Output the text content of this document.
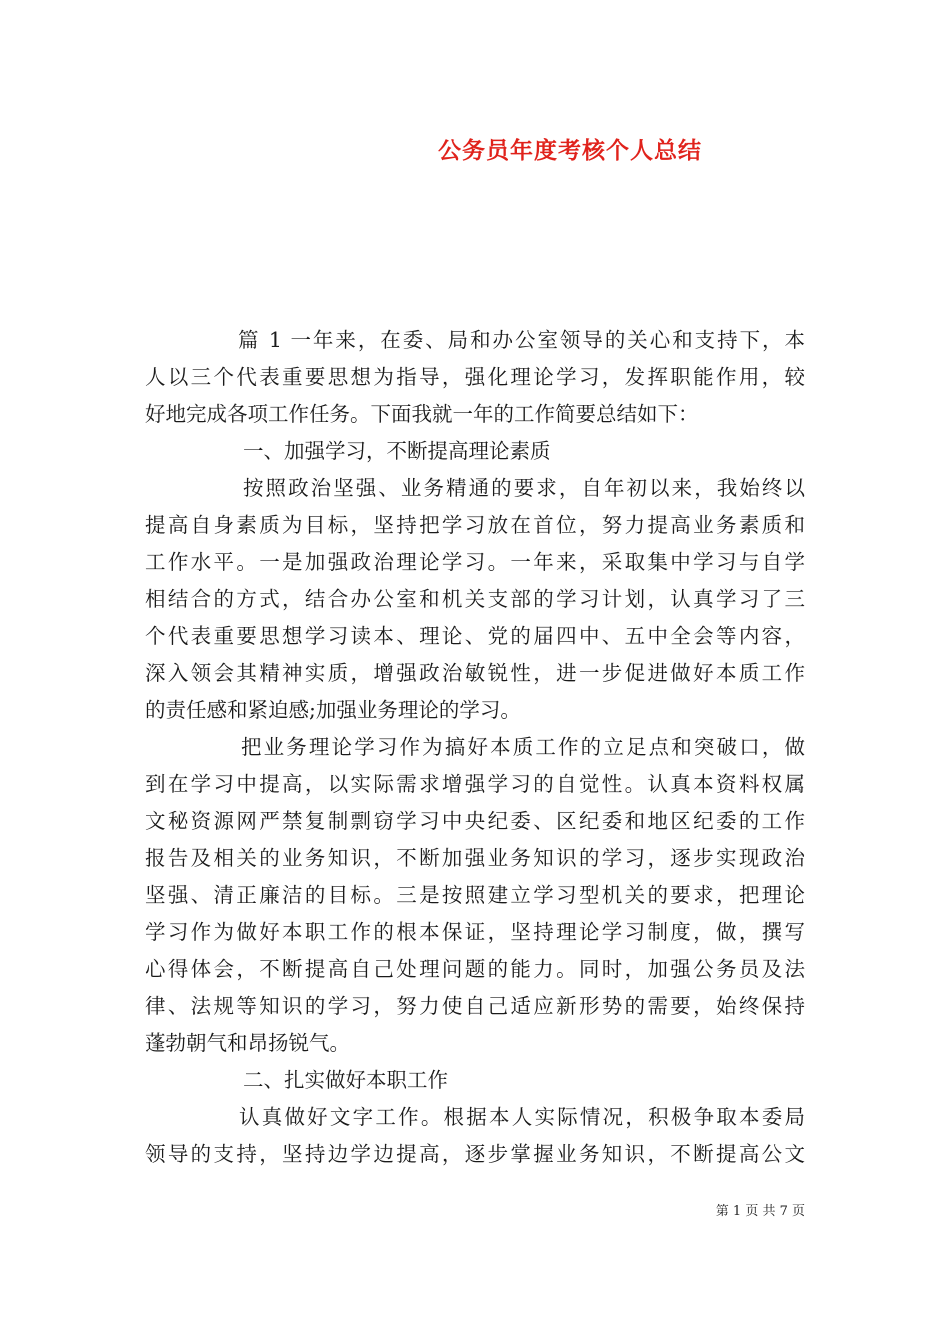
公务员年度考核个人总结
篇 1 一年来，在委、局和办公室领导的关心和支持下，本
人以三个代表重要思想为指导，强化理论学习，发挥职能作用，较
好地完成各项工作任务。下面我就一年的工作简要总结如下：
一、加强学习，不断提高理论素质
按照政治坚强、业务精通的要求，自年初以来，我始终以
提高自身素质为目标，坚持把学习放在首位，努力提高业务素质和
工作水平。一是加强政治理论学习。一年来，采取集中学习与自学
相结合的方式，结合办公室和机关支部的学习计划，认真学习了三
个代表重要思想学习读本、理论、党的届四中、五中全会等内容，
深入领会其精神实质，增强政治敏锐性，进一步促进做好本质工作
的责任感和紧迫感;加强业务理论的学习。
把业务理论学习作为搞好本质工作的立足点和突破口，做
到在学习中提高，以实际需求增强学习的自觉性。认真本资料权属
文秘资源网严禁复制剽窃学习中央纪委、区纪委和地区纪委的工作
报告及相关的业务知识，不断加强业务知识的学习，逐步实现政治
坚强、清正廉洁的目标。三是按照建立学习型机关的要求，把理论
学习作为做好本职工作的根本保证，坚持理论学习制度，做，撰写
心得体会，不断提高自己处理问题的能力。同时，加强公务员及法
律、法规等知识的学习，努力使自己适应新形势的需要，始终保持
蓬勃朝气和昂扬锐气。
二、扎实做好本职工作
认真做好文字工作。根据本人实际情况，积极争取本委局
领导的支持，坚持边学边提高，逐步掌握业务知识，不断提高公文
第 1 页 共 7 页
